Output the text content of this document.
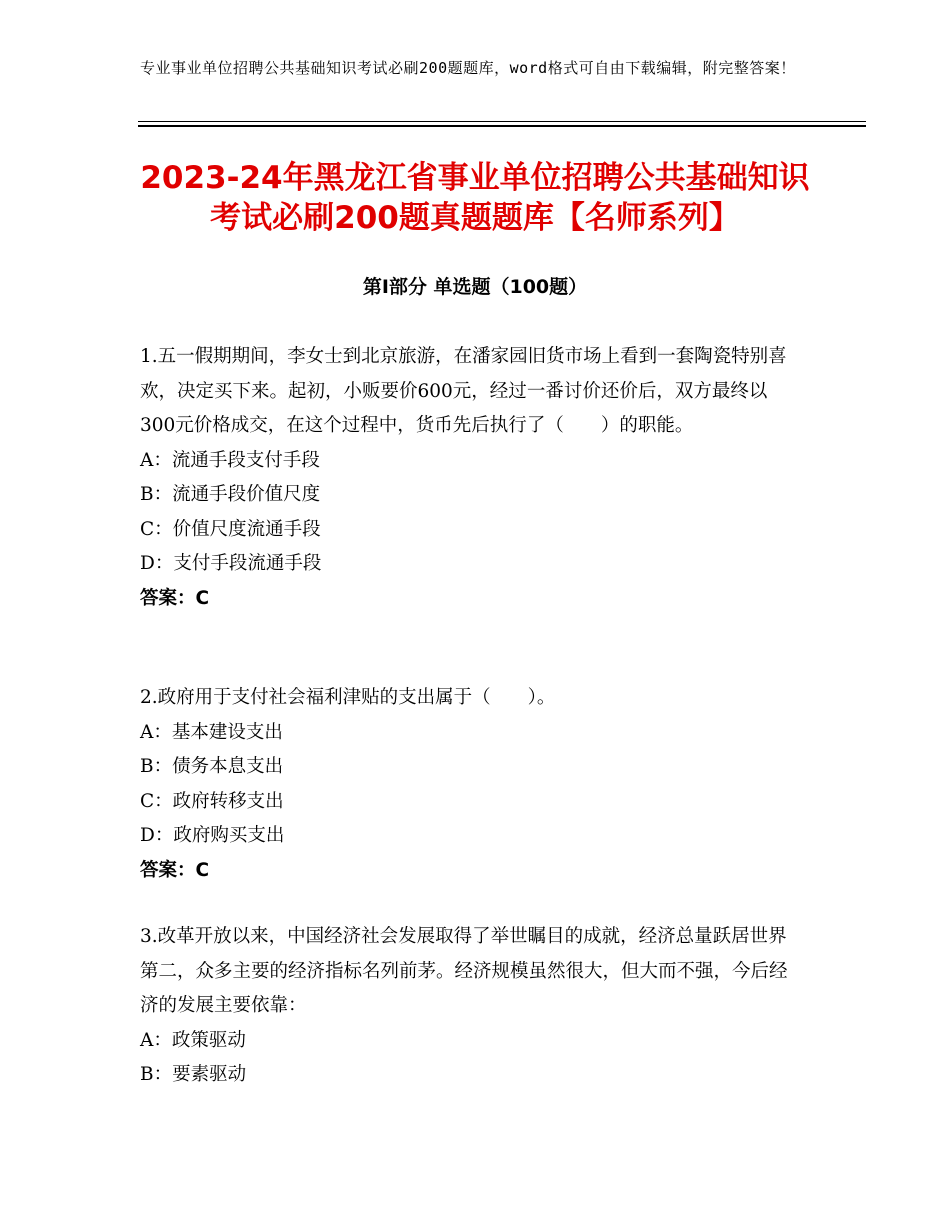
专业事业单位招聘公共基础知识考试必刷200题题库，word格式可自由下载编辑，附完整答案！
2023-24年黑龙江省事业单位招聘公共基础知识考试必刷200题真题题库【名师系列】
第I部分 单选题（100题）
1.五一假期期间，李女士到北京旅游，在潘家园旧货市场上看到一套陶瓷特别喜欢，决定买下来。起初，小贩要价600元，经过一番讨价还价后，双方最终以300元价格成交，在这个过程中，货币先后执行了（　　）的职能。
A：流通手段支付手段
B：流通手段价值尺度
C：价值尺度流通手段
D：支付手段流通手段
答案：C
2.政府用于支付社会福利津贴的支出属于（　　）。
A：基本建设支出
B：债务本息支出
C：政府转移支出
D：政府购买支出
答案：C
3.改革开放以来，中国经济社会发展取得了举世瞩目的成就，经济总量跃居世界第二，众多主要的经济指标名列前茅。经济规模虽然很大，但大而不强，今后经济的发展主要依靠：
A：政策驱动
B：要素驱动
